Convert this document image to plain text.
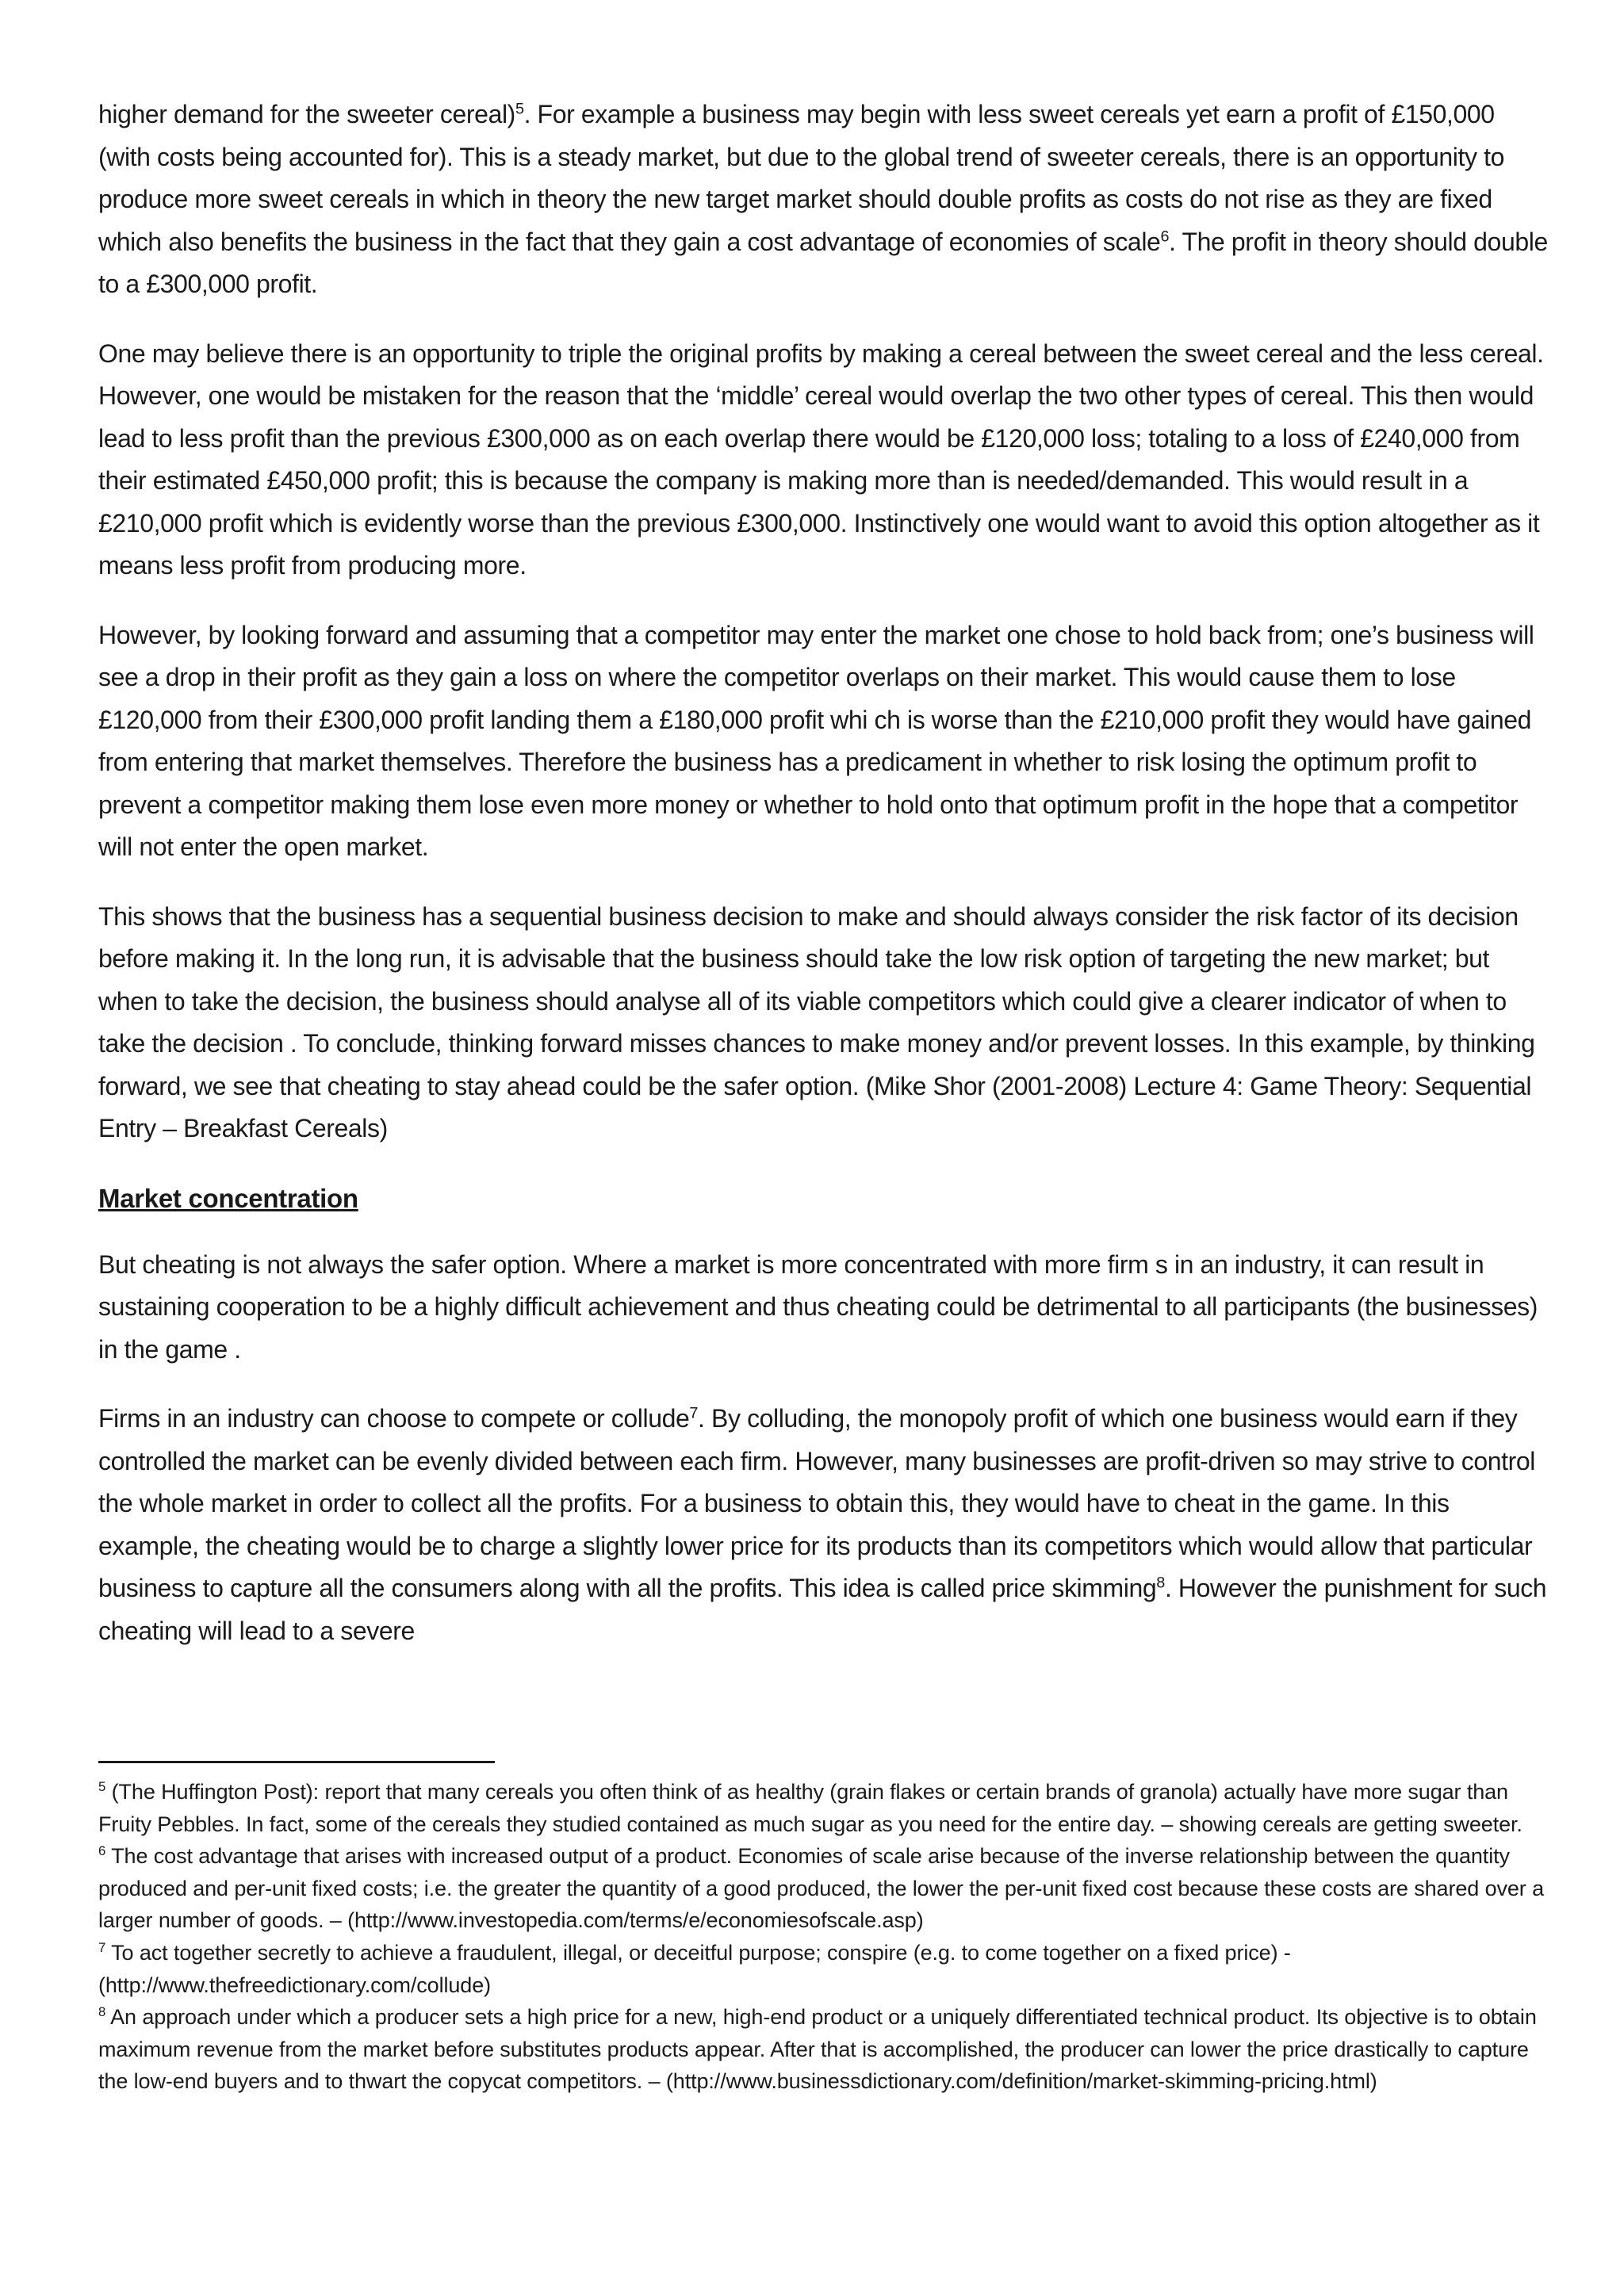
higher demand for the sweeter cereal)$^5$. For example a business may begin with less sweet cereals yet earn a profit of £150,000 (with costs being accounted for). This is a steady market, but due to the global trend of sweeter cereals, there is an opportunity to produce more sweet cereals in which in theory the new target market should double profits as costs do not rise as they are fixed which also benefits the business in the fact that they gain a cost advantage of economies of scale$^6$. The profit in theory should double to a £300,000 profit.

One may believe there is an opportunity to triple the original profits by making a cereal between the sweet cereal and the less cereal. However, one would be mistaken for the reason that the ‘middle’ cereal would overlap the two other types of cereal. This then would lead to less profit than the previous £300,000 as on each overlap there would be £120,000 loss; totaling to a loss of £240,000 from their estimated £450,000 profit; this is because the company is making more than is needed/demanded. This would result in a £210,000 profit which is evidently worse than the previous £300,000. Instinctively one would want to avoid this option altogether as it means less profit from producing more.

However, by looking forward and assuming that a competitor may enter the market one chose to hold back from; one’s business will see a drop in their profit as they gain a loss on where the competitor overlaps on their market. This would cause them to lose £120,000 from their £300,000 profit landing them a £180,000 profit whi ch is worse than the £210,000 profit they would have gained from entering that market themselves. Therefore the business has a predicament in whether to risk losing the optimum profit to prevent a competitor making them lose even more money or whether to hold onto that optimum profit in the hope that a competitor will not enter the open market.

This shows that the business has a sequential business decision to make and should always consider the risk factor of its decision before making it. In the long run, it is advisable that the business should take the low risk option of targeting the new market; but when to take the decision, the business should analyse all of its viable competitors which could give a clearer indicator of when to take the decision . To conclude, thinking forward misses chances to make money and/or prevent losses. In this example, by thinking forward, we see that cheating to stay ahead could be the safer option. (Mike Shor (2001-2008) Lecture 4: Game Theory: Sequential Entry – Breakfast Cereals)

Market concentration

But cheating is not always the safer option. Where a market is more concentrated with more firm s in an industry, it can result in sustaining cooperation to be a highly difficult achievement and thus cheating could be detrimental to all participants (the businesses) in the game .

Firms in an industry can choose to compete or collude$^7$. By colluding, the monopoly profit of which one business would earn if they controlled the market can be evenly divided between each firm. However, many businesses are profit-driven so may strive to control the whole market in order to collect all the profits. For a business to obtain this, they would have to cheat in the game. In this example, the cheating would be to charge a slightly lower price for its products than its competitors which would allow that particular business to capture all the consumers along with all the profits. This idea is called price skimming$^8$. However the punishment for such cheating will lead to a severe

$^5$ (The Huffington Post): report that many cereals you often think of as healthy (grain flakes or certain brands of granola) actually have more sugar than Fruity Pebbles. In fact, some of the cereals they studied contained as much sugar as you need for the entire day. – showing cereals are getting sweeter.

$^6$ The cost advantage that arises with increased output of a product. Economies of scale arise because of the inverse relationship between the quantity produced and per-unit fixed costs; i.e. the greater the quantity of a good produced, the lower the per-unit fixed cost because these costs are shared over a larger number of goods. – (http://www.investopedia.com/terms/e/economiesofscale.asp)

$^7$ To act together secretly to achieve a fraudulent, illegal, or deceitful purpose; conspire (e.g. to come together on a fixed price) - (http://www.thefreedictionary.com/collude)

$^8$ An approach under which a producer sets a high price for a new, high-end product or a uniquely differentiated technical product. Its objective is to obtain maximum revenue from the market before substitutes products appear. After that is accomplished, the producer can lower the price drastically to capture the low-end buyers and to thwart the copycat competitors. – (http://www.businessdictionary.com/definition/market-skimming-pricing.html)
